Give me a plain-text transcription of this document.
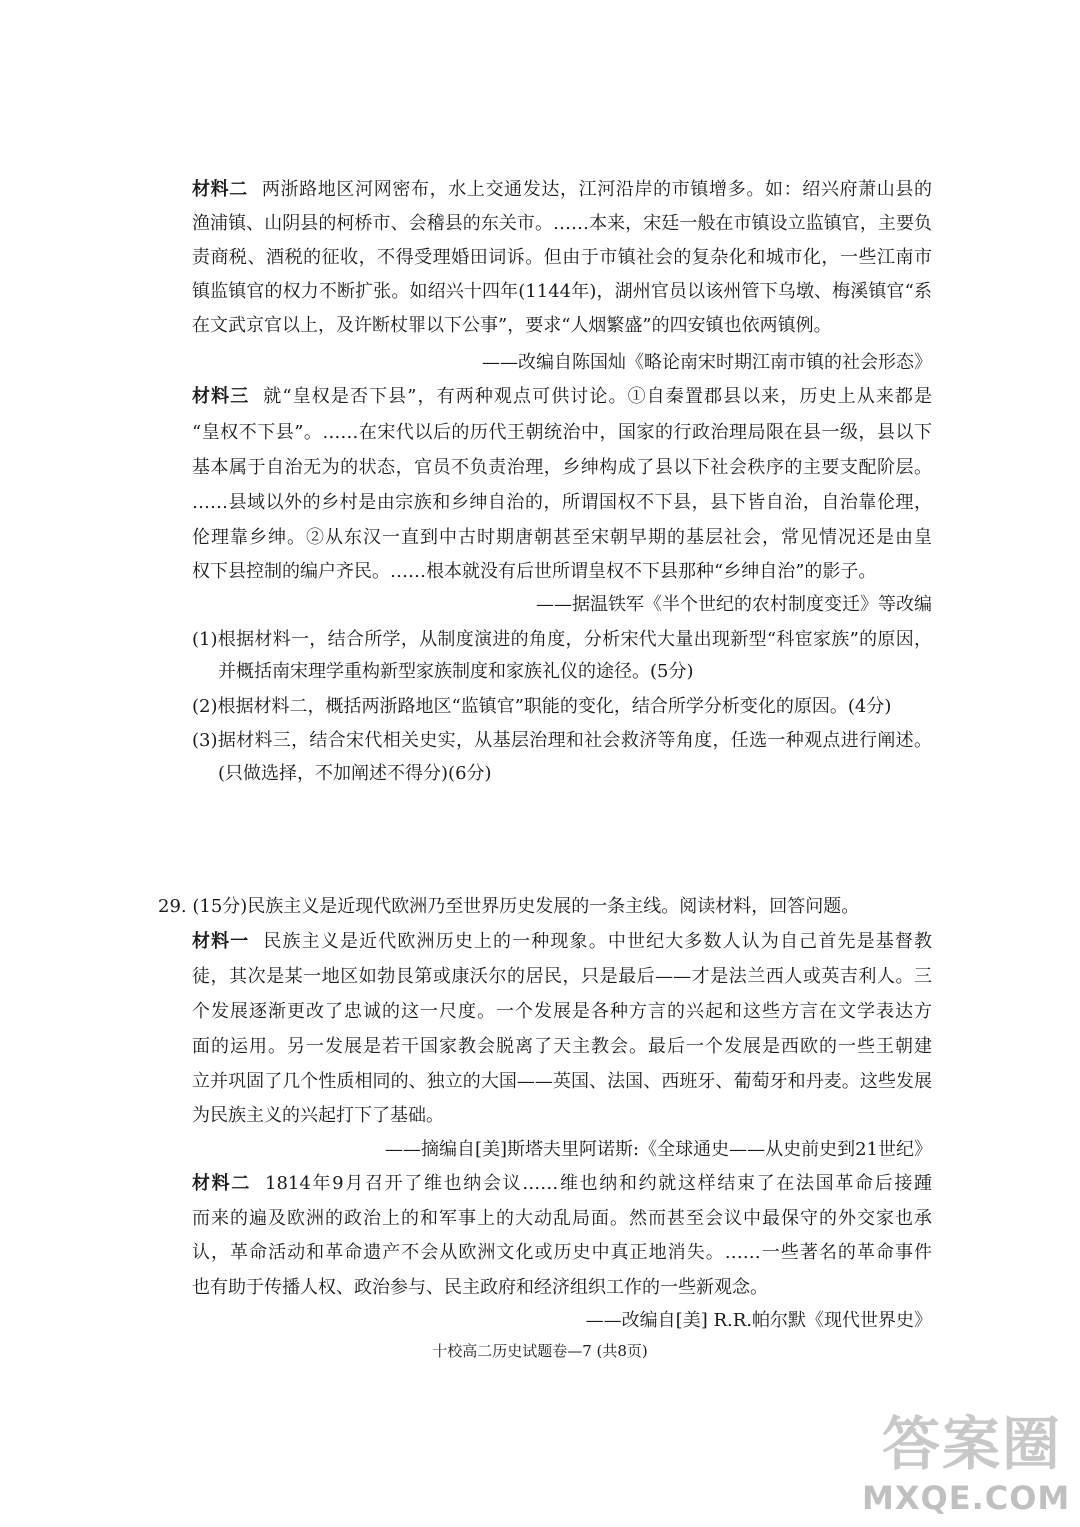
材料二 两浙路地区河网密布，水上交通发达，江河沿岸的市镇增多。如：绍兴府萧山县的
渔浦镇、山阴县的柯桥市、会稽县的东关市。……本来，宋廷一般在市镇设立监镇官，主要负
责商税、酒税的征收，不得受理婚田词诉。但由于市镇社会的复杂化和城市化，一些江南市
镇监镇官的权力不断扩张。如绍兴十四年(1144年)，湖州官员以该州管下乌墩、梅溪镇官“系
在文武京官以上，及许断杖罪以下公事”，要求“人烟繁盛”的四安镇也依两镇例。
——改编自陈国灿《略论南宋时期江南市镇的社会形态》
材料三 就“皇权是否下县”，有两种观点可供讨论。①自秦置郡县以来，历史上从来都是
“皇权不下县”。……在宋代以后的历代王朝统治中，国家的行政治理局限在县一级，县以下
基本属于自治无为的状态，官员不负责治理，乡绅构成了县以下社会秩序的主要支配阶层。
……县域以外的乡村是由宗族和乡绅自治的，所谓国权不下县，县下皆自治，自治靠伦理，
伦理靠乡绅。②从东汉一直到中古时期唐朝甚至宋朝早期的基层社会，常见情况还是由皇
权下县控制的编户齐民。……根本就没有后世所谓皇权不下县那种“乡绅自治”的影子。
——据温铁军《半个世纪的农村制度变迁》等改编
(1)根据材料一，结合所学，从制度演进的角度，分析宋代大量出现新型“科宦家族”的原因，
并概括南宋理学重构新型家族制度和家族礼仪的途径。(5分)
(2)根据材料二，概括两浙路地区“监镇官”职能的变化，结合所学分析变化的原因。(4分)
(3)据材料三，结合宋代相关史实，从基层治理和社会救济等角度，任选一种观点进行阐述。
(只做选择，不加阐述不得分)(6分)
29. (15分)民族主义是近现代欧洲乃至世界历史发展的一条主线。阅读材料，回答问题。
材料一 民族主义是近代欧洲历史上的一种现象。中世纪大多数人认为自己首先是基督教
徒，其次是某一地区如勃艮第或康沃尔的居民，只是最后——才是法兰西人或英吉利人。三
个发展逐渐更改了忠诚的这一尺度。一个发展是各种方言的兴起和这些方言在文学表达方
面的运用。另一发展是若干国家教会脱离了天主教会。最后一个发展是西欧的一些王朝建
立并巩固了几个性质相同的、独立的大国——英国、法国、西班牙、葡萄牙和丹麦。这些发展
为民族主义的兴起打下了基础。
——摘编自[美]斯塔夫里阿诺斯:《全球通史——从史前史到21世纪》
材料二 1814年9月召开了维也纳会议……维也纳和约就这样结束了在法国革命后接踵
而来的遍及欧洲的政治上的和军事上的大动乱局面。然而甚至会议中最保守的外交家也承
认，革命活动和革命遗产不会从欧洲文化或历史中真正地消失。……一些著名的革命事件
也有助于传播人权、政治参与、民主政府和经济组织工作的一些新观念。
——改编自[美] R.R.帕尔默《现代世界史》
十校高二历史试题卷—7 (共8页)
答案圈
MXQE.COM
